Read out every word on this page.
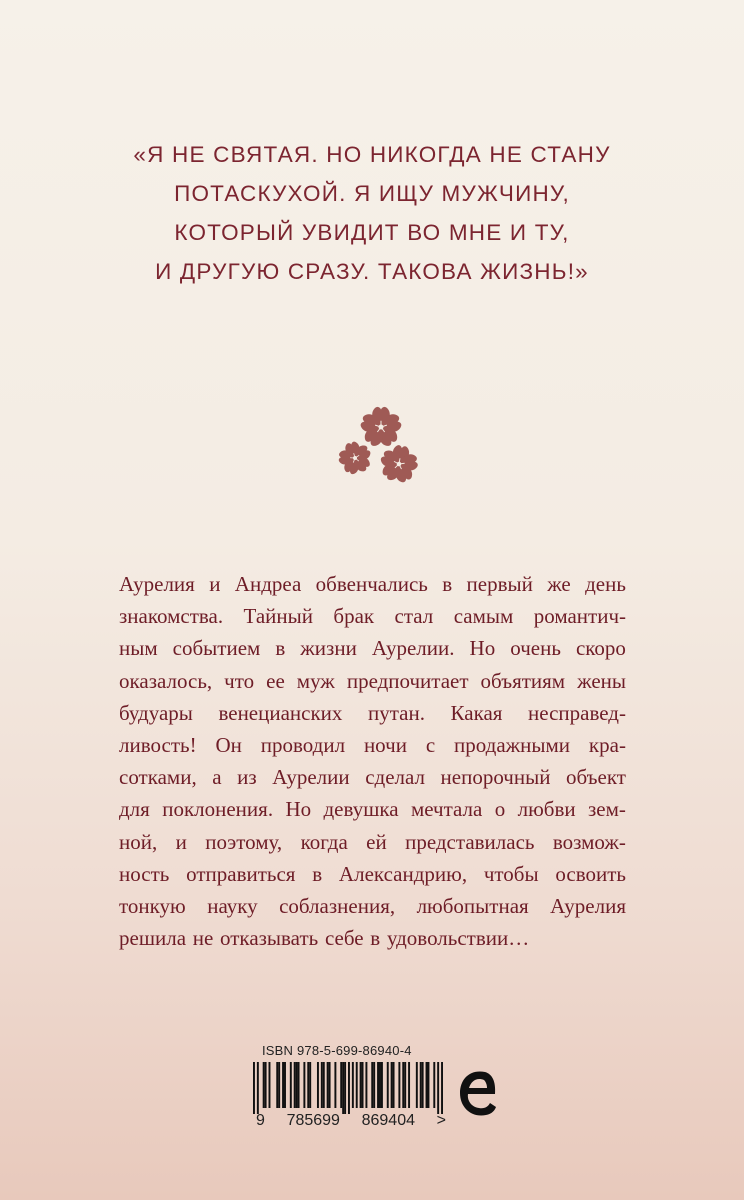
«Я НЕ СВЯТАЯ. НО НИКОГДА НЕ СТАНУ
ПОТАСКУХОЙ. Я ИЩУ МУЖЧИНУ,
КОТОРЫЙ УВИДИТ ВО МНЕ И ТУ,
И ДРУГУЮ СРАЗУ. ТАКОВА ЖИЗНЬ!»
Аурелия и Андреа обвенчались в первый же день
знакомства. Тайный брак стал самым романтич-
ным событием в жизни Аурелии. Но очень скоро
оказалось, что ее муж предпочитает объятиям жены
будуары венецианских путан. Какая несправед-
ливость! Он проводил ночи с продажными кра-
сотками, а из Аурелии сделал непорочный объект
для поклонения. Но девушка мечтала о любви зем-
ной, и поэтому, когда ей представилась возмож-
ность отправиться в Александрию, чтобы освоить
тонкую науку соблазнения, любопытная Аурелия
решила не отказывать себе в удовольствии…
ISBN 978-5-699-86940-4
9 785699 869404 >
